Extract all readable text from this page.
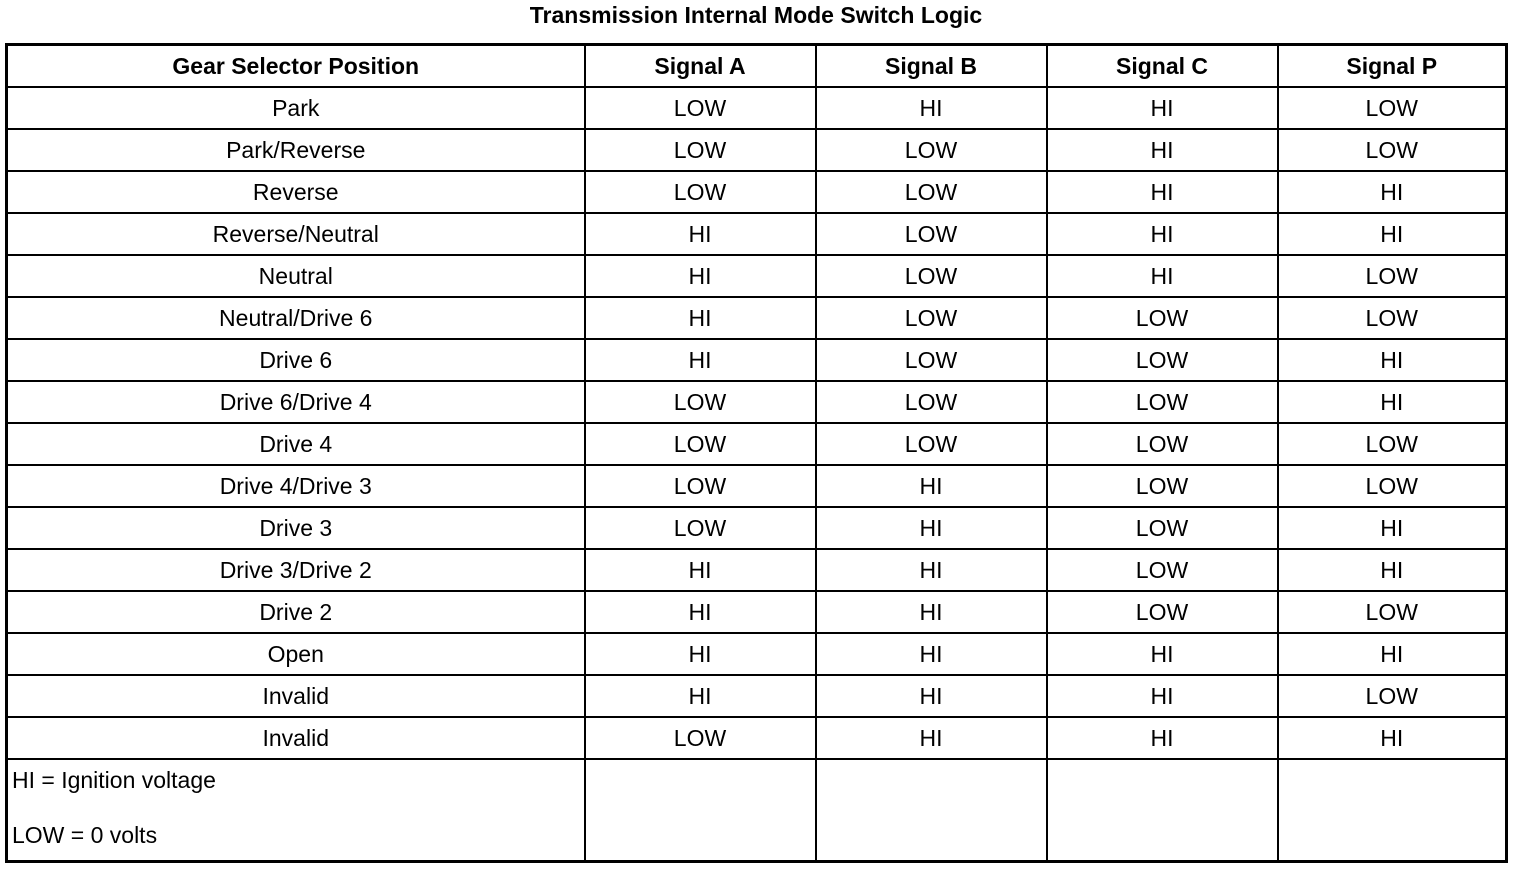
Transmission Internal Mode Switch Logic
Gear Selector Position	Signal A	Signal B	Signal C	Signal P
Park	LOW	HI	HI	LOW
Park/Reverse	LOW	LOW	HI	LOW
Reverse	LOW	LOW	HI	HI
Reverse/Neutral	HI	LOW	HI	HI
Neutral	HI	LOW	HI	LOW
Neutral/Drive 6	HI	LOW	LOW	LOW
Drive 6	HI	LOW	LOW	HI
Drive 6/Drive 4	LOW	LOW	LOW	HI
Drive 4	LOW	LOW	LOW	LOW
Drive 4/Drive 3	LOW	HI	LOW	LOW
Drive 3	LOW	HI	LOW	HI
Drive 3/Drive 2	HI	HI	LOW	HI
Drive 2	HI	HI	LOW	LOW
Open	HI	HI	HI	HI
Invalid	HI	HI	HI	LOW
Invalid	LOW	HI	HI	HI

HI = Ignition voltage
LOW = 0 volts				
